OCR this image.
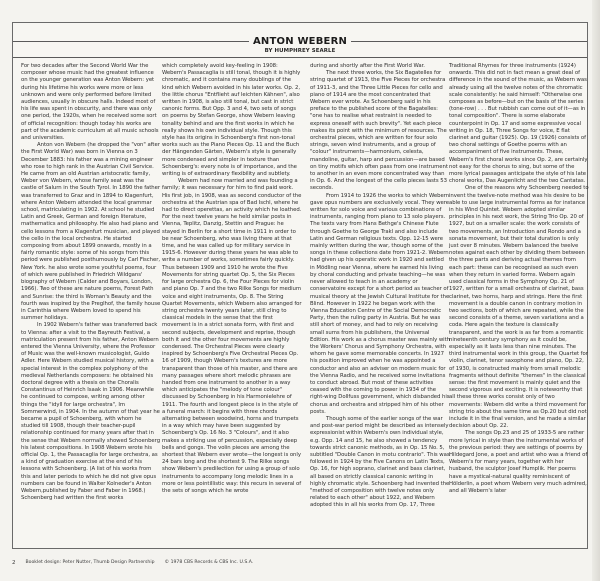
ANTON WEBERN
BY HUMPHREY SEARLE

For two decades after the Second World War the composer whose music had the greatest influence on the younger generation was Anton Webern: yet during his lifetime his works were more or less unknown and were only performed before limited audiences, usually in obscure halls. Indeed most of his life was spent in obscurity, and there was only one period, the 1920s, when he received some sort of official recognition: though today his works are part of the academic curriculum at all music schools and universities.

Anton von Webern (he dropped the "von" after the First World War) was born in Vienna on 3 December 1883: his father was a mining engineer who rose to high rank in the Austrian Civil Service. He came from an old Austrian aristocratic family, Weber von Webern, whose family seat was the castle of Salurn in the South Tyrol. In 1890 the father was transferred to Graz and in 1894 to Klagenfurt, where Anton Webern attended the local grammar school, matriculating in 1902. At school he studied Latin and Greek, German and foreign literature, mathematics and philosophy. He also had piano and cello lessons from a Klagenfurt musician, and played the cello in the local orchestra. He started composing from about 1899 onwards, mostly in a fairly romantic style: some of his songs from this period were published posthumously by Carl Fischer, New York. he also wrote some youthful poems, four of which were published in Friedrich Wildgans' biography of Webern (Calder and Boyars, London, 1966). Two of these are nature poems, Forest Path and Sunrise: the third is Woman's Beauty and the fourth was inspired by the Preglhof, the family house in Carinthia where Webern loved to spend his summer holidays.

In 1902 Webern's father was transferred back to Vienna: after a visit to the Bayreuth Festival, a matriculation present from his father, Anton Webern entered the Vienna University, where the Professor of Music was the well-known musicologist, Guido Adler. Here Webern studied musical history, with a special interest in the complex polyphony of the medieval Netherlands composers: he obtained his doctoral degree with a thesis on the Choralis Constantinus of Heinrich Isaak in 1906. Meanwhile he continued to compose, writing among other things the "idyll for large orchestra", Im Sommerwind, in 1904. In the autumn of that year he became a pupil of Schoenberg, with whom he studied till 1908, though their teacher-pupil relationship continued for many years after that in the sense that Webern normally showed Schoenberg his latest compositions. In 1908 Webern wrote his official Op. 1, the Passacaglia for large orchestra, as a kind of graduation exercise at the end of his lessons with Schoenberg. (A list of his works from this and later periods to which he did not give opus numbers can be found in Walter Kolneder's Anton Webern,published by Faber and Faber in 1968.) Schoenberg had written the first works

which completely avoid key-feeling in 1908: Webern's Passacaglia is still tonal, though it is highly chromatic, and it contains many doublings of the kind which Webern avoided in his later works. Op. 2, the little chorus "Entflieht auf leichten Kähnen", also written in 1908, is also still tonal, but cast in strict canonic forms. But Opp. 3 and 4, two sets of songs on poems by Stefan George, show Webern leaving tonality behind and are the first works in which he really shows his own individual style. Though this style has its origins in Schoenberg's first non-tonal works such as the Piano Pieces Op. 11 and the Buch der Hängenden Gärten, Webern's style is generally more condensed and simpler in texture than Schoenberg's: every note is of importance, and the writing is of extraordinary flexibility and subtlety.

Webern had now married and was founding a family; it was necessary for him to find paid work. His first job, in 1908, was as second conductor of the orchestra at the Austrian spa of Bad Ischl, where he had to direct operettas, an activity which he loathed. For the next twelve years he held similar posts in Vienna, Teplitz, Danzig, Stettin and Prague: he stayed in Berlin for a short time in 1911 in order to be near Schoenberg, who was living there at that time, and he was called up for military service in 1915-6. However during these years he was able to write a number of works, sometimes fairly quickly. Thus between 1909 and 1910 he wrote the Five Movements for string quartet Op. 5, the Six Pieces for large orchestra Op. 6, the Four Pieces for violin and piano Op. 7 and the two Rilke Songs for medium voice and eight instruments, Op. 8. The String Quartet Movements, which Webern also arranged for string orchestra twenty years later, still cling to classical models in the sense that the first movement is in a strict sonata form, with first and second subjects, development and reprise, though both it and the other four movements are highly condensed. The Orchestral Pieces were clearly inspired by Schoenberg's Five Orchestral Pieces Op. 16 of 1909, though Webern's textures are more transparent than those of his master, and there are many passages where short melodic phrases are handed from one instrument to another in a way which anticipates the "melody of tone colour" discussed by Schoenberg in his Harmonielehre of 1911. The fourth and longest piece is in the style of a funeral march: it begins with three chords alternating between woodwind, horns and trumpets in a way which may have been suggested by Schoenberg's Op. 16 No. 3 "Colours", and it also makes a striking use of percussion, especially deep bells and gongs. The volin pieces are among the shortest that Webern ever wrote—the longest is only 24 bars long and the shortest 9. The Rilke songs show Webern's predilection for using a group of solo instruments to accompany long melodic lines in a more or less pointillistic way: this recurs in several of the sets of songs which he wrote

during and shortly after the First World War.

The next three works, the Six Bagatelles for string quartet of 1913, the Five Pieces for orchestra of 1911-3, and the Three Little Pieces for cello and piano of 1914 are the most concentrated that Webern ever wrote. As Schoenberg said in his preface to the published score of the Bagatelles: "one has to realise what restraint is needed to express oneself with such brevity". Yet each piece makes its point with the minimum of resources. The orchestral pieces, which are written for four solo strings, seven wind instruments, and a group of "colour" instruments—harmonium, celesta, mandoline, guitar, harp and percussion—are based on tiny motifs which often pass from one instrument to another in an even more concentrated way than in Op. 6. And the longest of the cello pieces lasts 53 seconds.

From 1914 to 1926 the works to which Webern gave opus numbers are exclusively vocal. They were written for solo voice and various combinations of instruments, ranging from piano to 13 solo players. The texts vary from Hans Bethge's Chinese Flute through Goethe to George Trakl and also include Latin and German religious texts. Opp. 12-15 were mainly written during the war, though some of the songs in these collections date from 1921-2. Webern had given up his operatic work in 1920 and settled in Mödling near Vienna, where he earned his living by choral conducting and private teaching—he was never allowed to teach in an academy or conservatoire except for a short period as teacher of musical theory at the Jewish Cultural Institute for the Blind. However in 1922 he began work with the Vienna Education Centre of the Social Democratic Party, then the ruling party in Austria. But he was still short of money, and had to rely on receiving small sums from his publishers, the Universal Edition. His work as a chorus master was mainly with the Workers' Chorus and Symphony Orchestra, with whom he gave some memorable concerts. In 1927 his position improved when he was appointed a conductor and also an adviser on modern music for the Vienna Radio, and he received some invitations to conduct abroad. But most of these activities ceased with the coming to power in 1934 of the right-wing Dollfuss government, which disbanded his chorus and orchestra and stripped him of his other posts.

Though some of the earlier songs of the war and post-war period might be described as intensely expressionist within Webern's own individual style, e.g. Opp. 14 and 15, he also showed a tendency towards strict canonic methods, as in Op. 15 No. 5, subtitled "Double Canon in motu contrario". This was followed in 1924 by the Five Canons on Latin Texts, Op. 16, for high soprano, clarinet and bass clarinet, all based on strictly classical canonic writing in highly chromatic style. Schoenberg had invented the "method of composition with twelve notes only related to each other" about 1922, and Webern adopted this in all his works from Op. 17, Three

Traditional Rhymes for three instruments (1924) onwards. This did not in fact mean a great deal of difference in the sound of the music, as Webern was already using all the twelve notes of the chromatic scale consistently: he said himself: "Otherwise one composes as before—but on the basis of the series (tone-row) . . . But rubbish can come out of it—as in tonal composition". There is some elaborate counterpoint in Op. 17 and some expressive vocal writing in Op. 18, Three Songs for voice, E flat clarinet and guitar (1925). Op. 19 (1926) consists of two choral settings of Goethe poems with an accompaniment of five instruments. These, Webern's first choral works since Op. 2, are certainly not easy for the chorus to sing, but some of the more lyrical passages anticipate the style of his late choral works, Das Augenlicht and the two Cantatas.

One of the reasons why Schoenberg needed to invent the twelve-note method was his desire to be able to use large instrumental forms as for instance in his Wind Quintet. Webern adopted similar principles in his next work, the String Trio Op. 20 of 1927, but on a smaller scale: the work consists of two movements, an Introduction and Rondo and a sonata movement, but their total duration is only just over 8 minutes. Webern balanced the twelve notes against each other by dividing them between the three parts and deriving actual themes from each part: these can be recognised as such even when they return in varied forms. Webern again used classical forms in the Symphony Op. 21 of 1927, written for a small orchestra of clarinet, bass clarinet, two horns, harp and strings. Here the first movement is a double canon in contrary motion in two sections, both of which are repeated, while the second consists of a theme, seven variations and a coda. Here again the texture is classically transparent, and the work is as far from a romantic nineteenth century symphony as it could be, especially as it lasts less than nine minutes. The third instrumental work in this group, the Quartet for violin, clarinet, tenor saxophone and piano, Op. 22, of 1930, is constructed mainly from small melodic fragments without definite "themes" in the classical sense: the first movement is mainly quiet and the second vigorous and exciting. It is noteworthy that all these three works consist only of two movements: Webern did write a third movement for string trio about the same time as Op.20 but did not include it in the final version, and he made a similar decision about Op. 22.

The songs Op.23 and 25 of 1933-5 are rather more lyrical in style than the instrumental works of the previous period: they are settings of poems by Hildegard Jone, a poet and artist who was a friend of Webern's for many years, together with her husband, the sculptor Josef Humplik. Her poems have a mystical-natural quality reminiscent of Hölderlin, a poet whom Webern very much admired, and all Webern's later

2 Booklet design: Peter Nutter, Thumb Design Partnership © 1978 CBS Records & CBS Inc. U.S.A.
